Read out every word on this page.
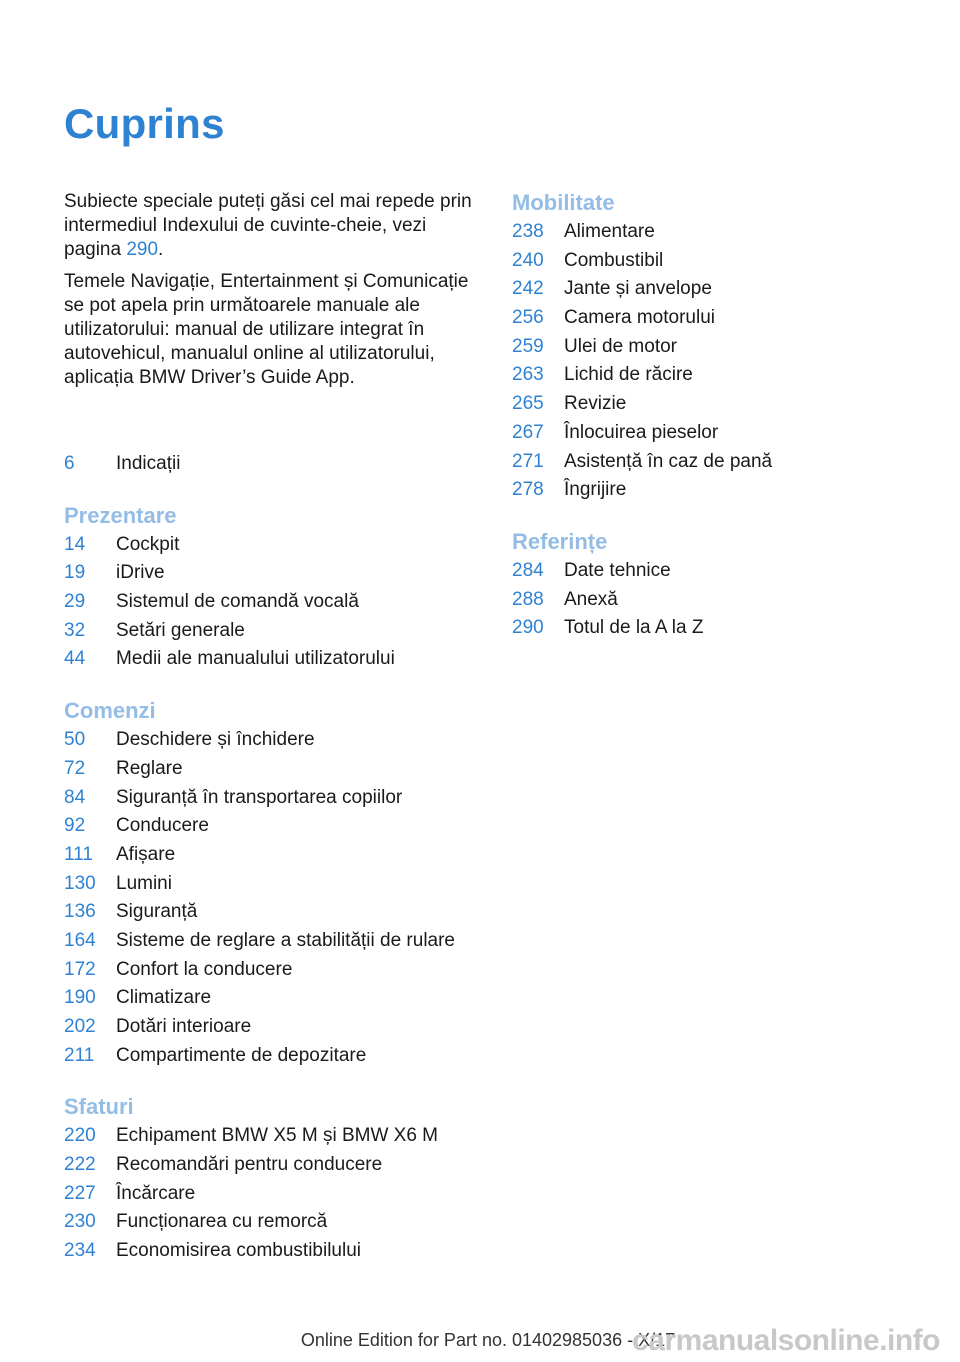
Cuprins

Subiecte speciale puteți găsi cel mai repede prin intermediul Indexului de cuvinte-cheie, vezi pagina 290.

Temele Navigație, Entertainment și Comunicație se pot apela prin următoarele manuale ale utilizatorului: manual de utilizare integrat în autovehicul, manualul online al utilizatorului, aplicația BMW Driver’s Guide App.

6 Indicații
Prezentare
14 Cockpit
19 iDrive
29 Sistemul de comandă vocală
32 Setări generale
44 Medii ale manualului utilizatorului
Comenzi
50 Deschidere și închidere
72 Reglare
84 Siguranță în transportarea copiilor
92 Conducere
111 Afișare
130 Lumini
136 Siguranță
164 Sisteme de reglare a stabilității de rulare
172 Confort la conducere
190 Climatizare
202 Dotări interioare
211 Compartimente de depozitare
Sfaturi
220 Echipament BMW X5 M și BMW X6 M
222 Recomandări pentru conducere
227 Încărcare
230 Funcționarea cu remorcă
234 Economisirea combustibilului
Mobilitate
238 Alimentare
240 Combustibil
242 Jante și anvelope
256 Camera motorului
259 Ulei de motor
263 Lichid de răcire
265 Revizie
267 Înlocuirea pieselor
271 Asistență în caz de pană
278 Îngrijire
Referințe
284 Date tehnice
288 Anexă
290 Totul de la A la Z
Online Edition for Part no. 01402985036 - X/17
carmanualsonline.info
